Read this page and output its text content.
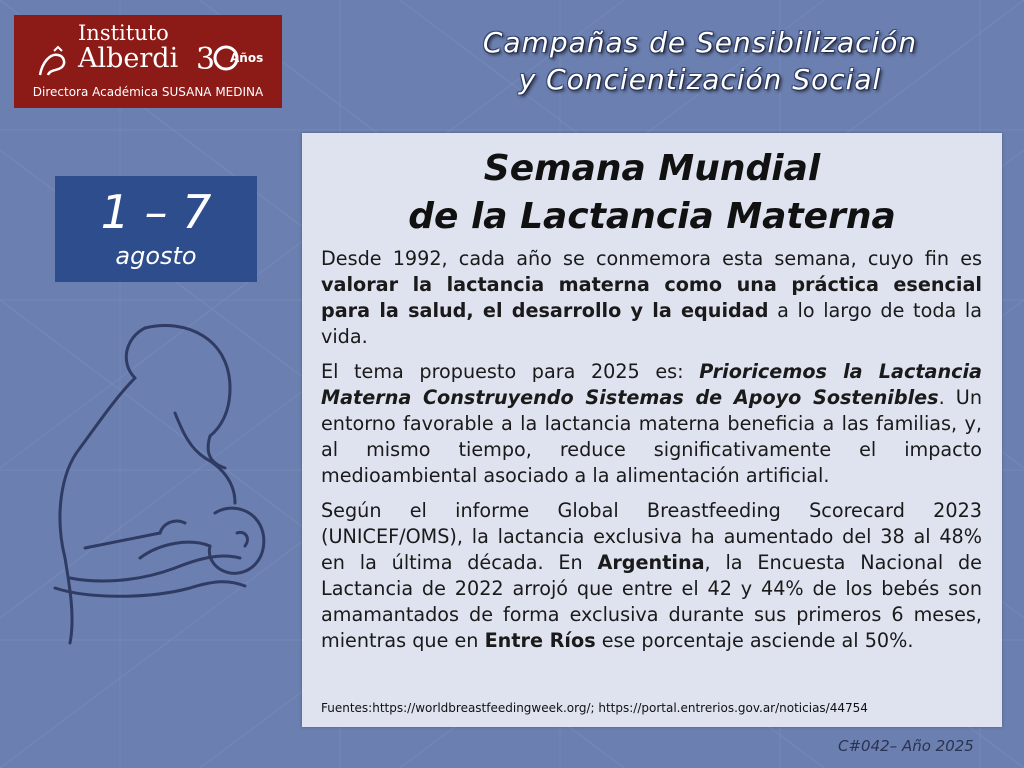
Instituto
Alberdi 3 Años
Directora Académica SUSANA MEDINA
Campañas de Sensibilización
y Concientización Social
1 – 7
agosto
Semana Mundial
de la Lactancia Materna

Desde 1992, cada año se conmemora esta semana, cuyo fin es valorar la lactancia materna como una práctica esencial para la salud, el desarrollo y la equidad a lo largo de toda la vida.

El tema propuesto para 2025 es: Prioricemos la Lactancia Materna Construyendo Sistemas de Apoyo Sostenibles. Un entorno favorable a la lactancia materna beneficia a las familias, y, al mismo tiempo, reduce significativamente el impacto medioambiental asociado a la alimentación artificial.

Según el informe Global Breastfeeding Scorecard 2023 (UNICEF/OMS), la lactancia exclusiva ha aumentado del 38 al 48% en la última década. En Argentina, la Encuesta Nacional de Lactancia de 2022 arrojó que entre el 42 y 44% de los bebés son amamantados de forma exclusiva durante sus primeros 6 meses, mientras que en Entre Ríos ese porcentaje asciende al 50%.

Fuentes:https://worldbreastfeedingweek.org/; https://portal.entrerios.gov.ar/noticias/44754
C#042– Año 2025
